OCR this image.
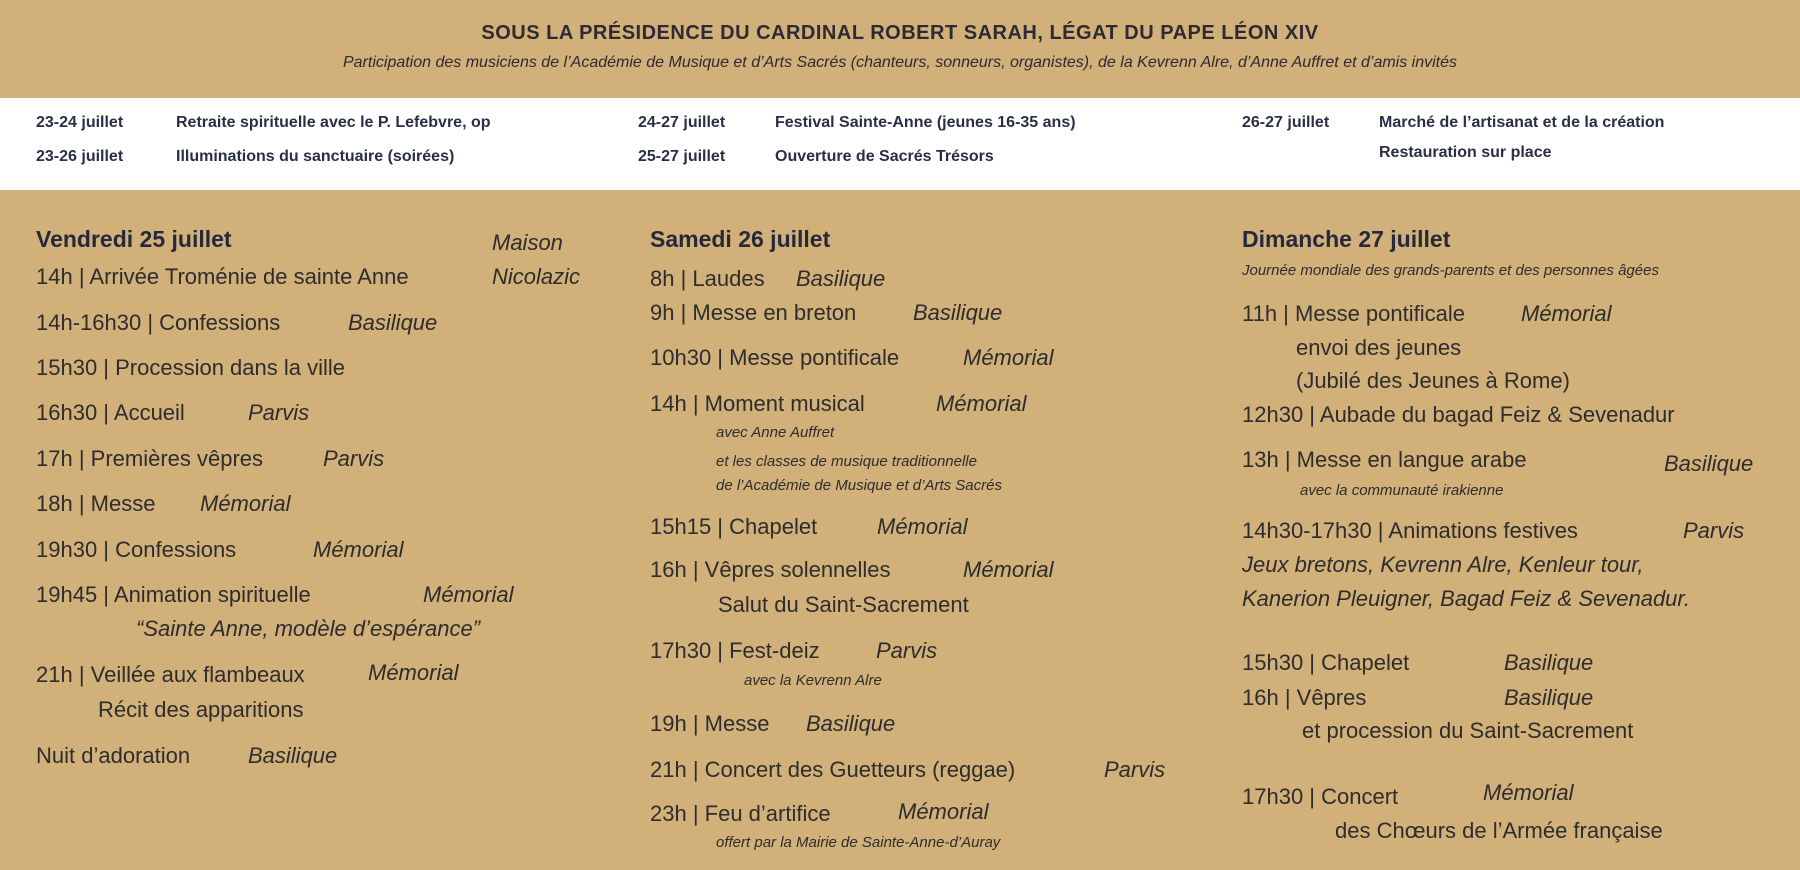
SOUS LA PRÉSIDENCE DU CARDINAL ROBERT SARAH, LÉGAT DU PAPE LÉON XIV
Participation des musiciens de l’Académie de Musique et d’Arts Sacrés (chanteurs, sonneurs, organistes), de la Kevrenn Alre, d’Anne Auffret et d’amis invités
23-24 juillet	Retraite spirituelle avec le P. Lefebvre, op
23-26 juillet	Illuminations du sanctuaire (soirées)
24-27 juillet	Festival Sainte-Anne (jeunes 16-35 ans)
25-27 juillet	Ouverture de Sacrés Trésors
26-27 juillet	Marché de l’artisanat et de la création
Restauration sur place
Vendredi 25 juillet	Maison
14h | Arrivée Troménie de sainte Anne	Nicolazic
14h-16h30 | Confessions	Basilique
15h30 | Procession dans la ville
16h30 | Accueil	Parvis
17h | Premières vêpres	Parvis
18h | Messe Mémorial
19h30 | Confessions	Mémorial
19h45 | Animation spirituelle	Mémorial
“Sainte Anne, modèle d’espérance”
21h | Veillée aux flambeaux	Mémorial
Récit des apparitions
Nuit d’adoration	Basilique
Samedi 26 juillet
8h | Laudes Basilique
9h | Messe en breton	Basilique
10h30 | Messe pontificale	Mémorial
14h | Moment musical	Mémorial
avec Anne Auffret
et les classes de musique traditionnelle
de l’Académie de Musique et d’Arts Sacrés
15h15 | Chapelet	Mémorial
16h | Vêpres solennelles	Mémorial
Salut du Saint-Sacrement
17h30 | Fest-deiz	Parvis
avec la Kevrenn Alre
19h | Messe Basilique
21h | Concert des Guetteurs (reggae)	Parvis
23h | Feu d’artifice	Mémorial
offert par la Mairie de Sainte-Anne-d’Auray
Dimanche 27 juillet
Journée mondiale des grands-parents et des personnes âgées
11h | Messe pontificale	Mémorial
envoi des jeunes
(Jubilé des Jeunes à Rome)
12h30 | Aubade du bagad Feiz & Sevenadur
13h | Messe en langue arabe	Basilique
avec la communauté irakienne
14h30-17h30 | Animations festives	Parvis
Jeux bretons, Kevrenn Alre, Kenleur tour,
Kanerion Pleuigner, Bagad Feiz & Sevenadur.
15h30 | Chapelet	Basilique
16h | Vêpres	Basilique
et procession du Saint-Sacrement
17h30 | Concert	Mémorial
des Chœurs de l’Armée française
